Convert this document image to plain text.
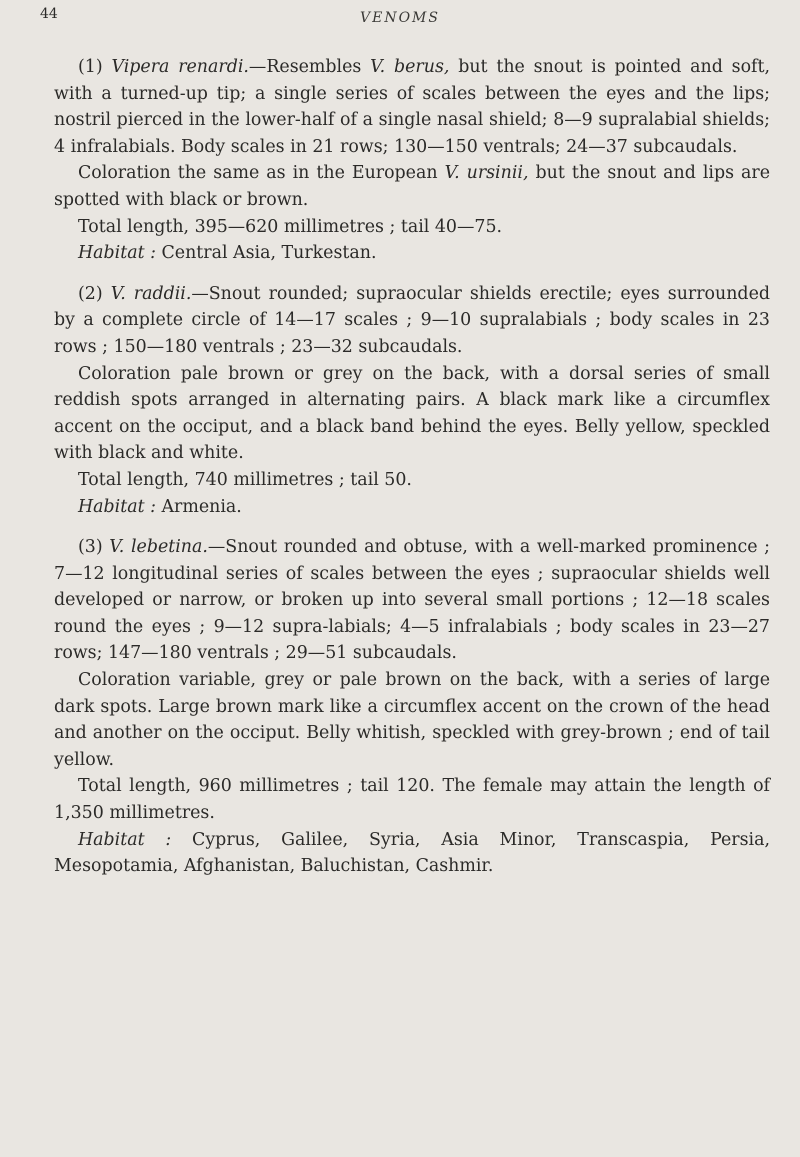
44	VENOMS

(1) Vipera renardi.—Resembles V. berus, but the snout is pointed and soft, with a turned-up tip; a single series of scales between the eyes and the lips; nostril pierced in the lower-half of a single nasal shield; 8—9 supralabial shields; 4 infralabials. Body scales in 21 rows; 130—150 ventrals; 24—37 subcaudals.

Coloration the same as in the European V. ursinii, but the snout and lips are spotted with black or brown.

Total length, 395—620 millimetres ; tail 40—75.

Habitat : Central Asia, Turkestan.

(2) V. raddii.—Snout rounded; supraocular shields erectile; eyes surrounded by a complete circle of 14—17 scales ; 9—10 supralabials ; body scales in 23 rows ; 150—180 ventrals ; 23—32 subcaudals.

Coloration pale brown or grey on the back, with a dorsal series of small reddish spots arranged in alternating pairs. A black mark like a circumflex accent on the occiput, and a black band behind the eyes. Belly yellow, speckled with black and white.

Total length, 740 millimetres ; tail 50.

Habitat : Armenia.

(3) V. lebetina.—Snout rounded and obtuse, with a well-marked prominence ; 7—12 longitudinal series of scales between the eyes ; supraocular shields well developed or narrow, or broken up into several small portions ; 12—18 scales round the eyes ; 9—12 supra-labials; 4—5 infralabials ; body scales in 23—27 rows; 147—180 ventrals ; 29—51 subcaudals.

Coloration variable, grey or pale brown on the back, with a series of large dark spots. Large brown mark like a circumflex accent on the crown of the head and another on the occiput. Belly whitish, speckled with grey-brown ; end of tail yellow.

Total length, 960 millimetres ; tail 120. The female may attain the length of 1,350 millimetres.

Habitat : Cyprus, Galilee, Syria, Asia Minor, Transcaspia, Persia, Mesopotamia, Afghanistan, Baluchistan, Cashmir.
